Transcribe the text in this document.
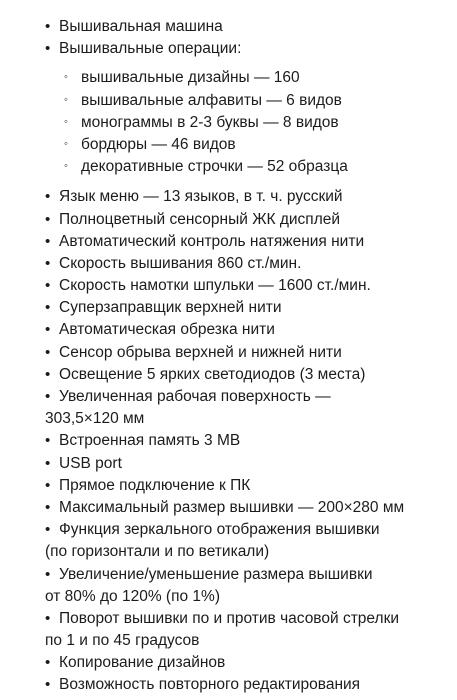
• Вышивальная машина
• Вышивальные операции:
◦ вышивальные дизайны — 160
◦ вышивальные алфавиты — 6 видов
◦ монограммы в 2-3 буквы — 8 видов
◦ бордюры — 46 видов
◦ декоративные строчки — 52 образца
• Язык меню — 13 языков, в т. ч. русский
• Полноцветный сенсорный ЖК дисплей
• Автоматический контроль натяжения нити
• Скорость вышивания 860 ст./мин.
• Скорость намотки шпульки — 1600 ст./мин.
• Суперзаправщик верхней нити
• Автоматическая обрезка нити
• Сенсор обрыва верхней и нижней нити
• Освещение 5 ярких светодиодов (3 места)
• Увеличенная рабочая поверхность —
303,5×120 мм
• Встроенная память 3 MB
• USB port
• Прямое подключение к ПК
• Максимальный размер вышивки — 200×280 мм
• Функция зеркального отображения вышивки
(по горизонтали и по ветикали)
• Увеличение/уменьшение размера вышивки
от 80% до 120% (по 1%)
• Поворот вышивки по и против часовой стрелки
по 1 и по 45 градусов
• Копирование дизайнов
• Возможность повторного редактирования
